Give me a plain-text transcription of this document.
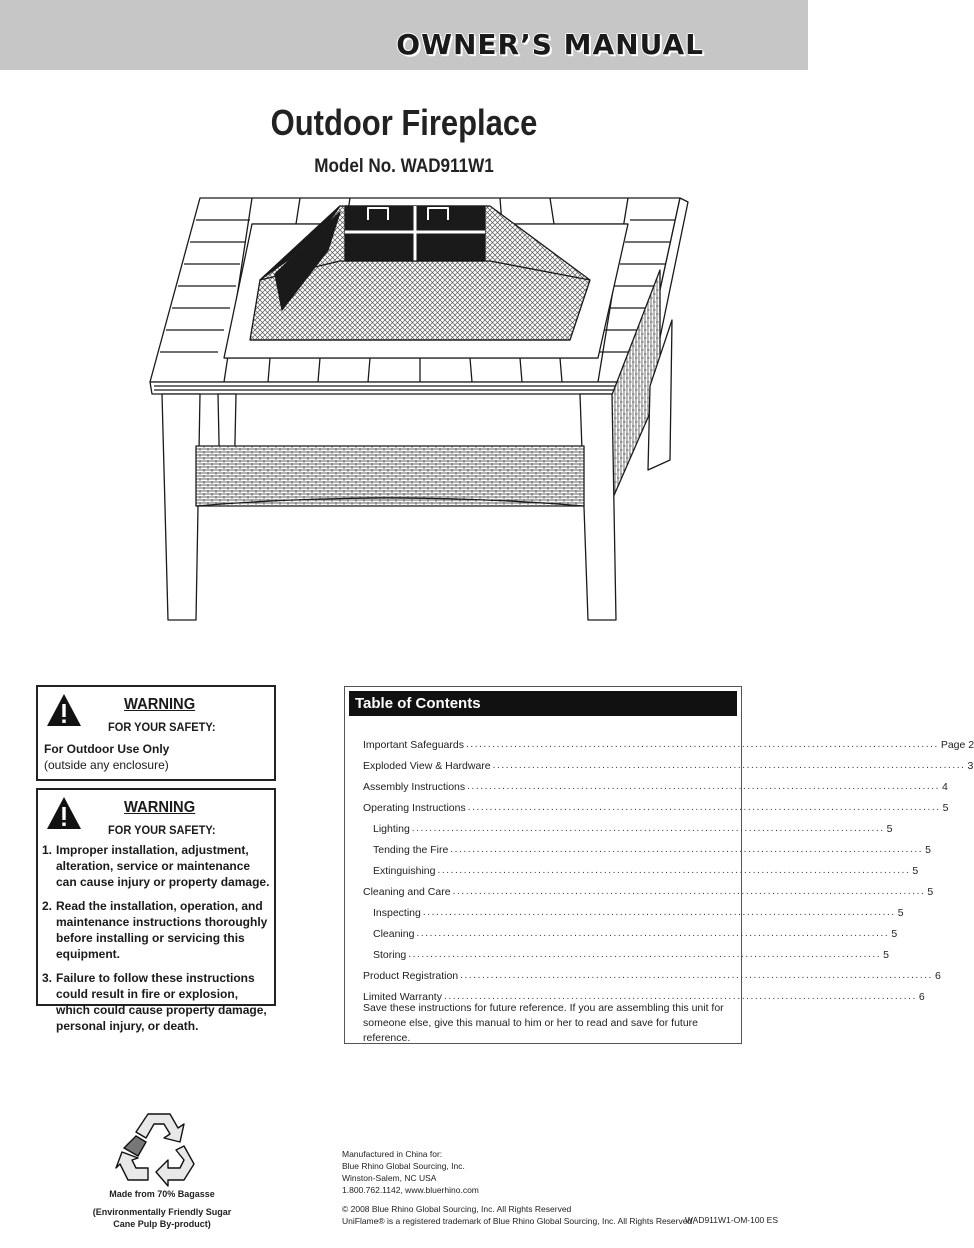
OWNER’S MANUAL
Outdoor Fireplace
Model No. WAD911W1
WARNING
FOR YOUR SAFETY:
For Outdoor Use Only
(outside any enclosure)
WARNING
FOR YOUR SAFETY:
1. Improper installation, adjustment, alteration, service or maintenance can cause injury or property damage.
2. Read the installation, operation, and maintenance instructions thoroughly before installing or servicing this equipment.
3. Failure to follow these instructions could result in fire or explosion, which could cause property damage, personal injury, or death.
Table of Contents
Important Safeguards ............................................................................................................ Page 2
Exploded View & Hardware ............................................................................................................ 3
Assembly Instructions ............................................................................................................ 4
Operating Instructions ............................................................................................................ 5
Lighting ............................................................................................................ 5
Tending the Fire ............................................................................................................ 5
Extinguishing ............................................................................................................ 5
Cleaning and Care ............................................................................................................ 5
Inspecting ............................................................................................................ 5
Cleaning ............................................................................................................ 5
Storing ............................................................................................................ 5
Product Registration ............................................................................................................ 6
Limited Warranty ............................................................................................................ 6
Save these instructions for future reference. If you are assembling this unit for someone else, give this manual to him or her to read and save for future reference.
Made from 70% Bagasse
(Environmentally Friendly Sugar
Cane Pulp By-product)
Manufactured in China for:
Blue Rhino Global Sourcing, Inc.
Winston-Salem, NC USA
1.800.762.1142, www.bluerhino.com
© 2008 Blue Rhino Global Sourcing, Inc. All Rights Reserved
UniFlame® is a registered trademark of Blue Rhino Global Sourcing, Inc. All Rights Reserved.
WAD911W1-OM-100 ES
